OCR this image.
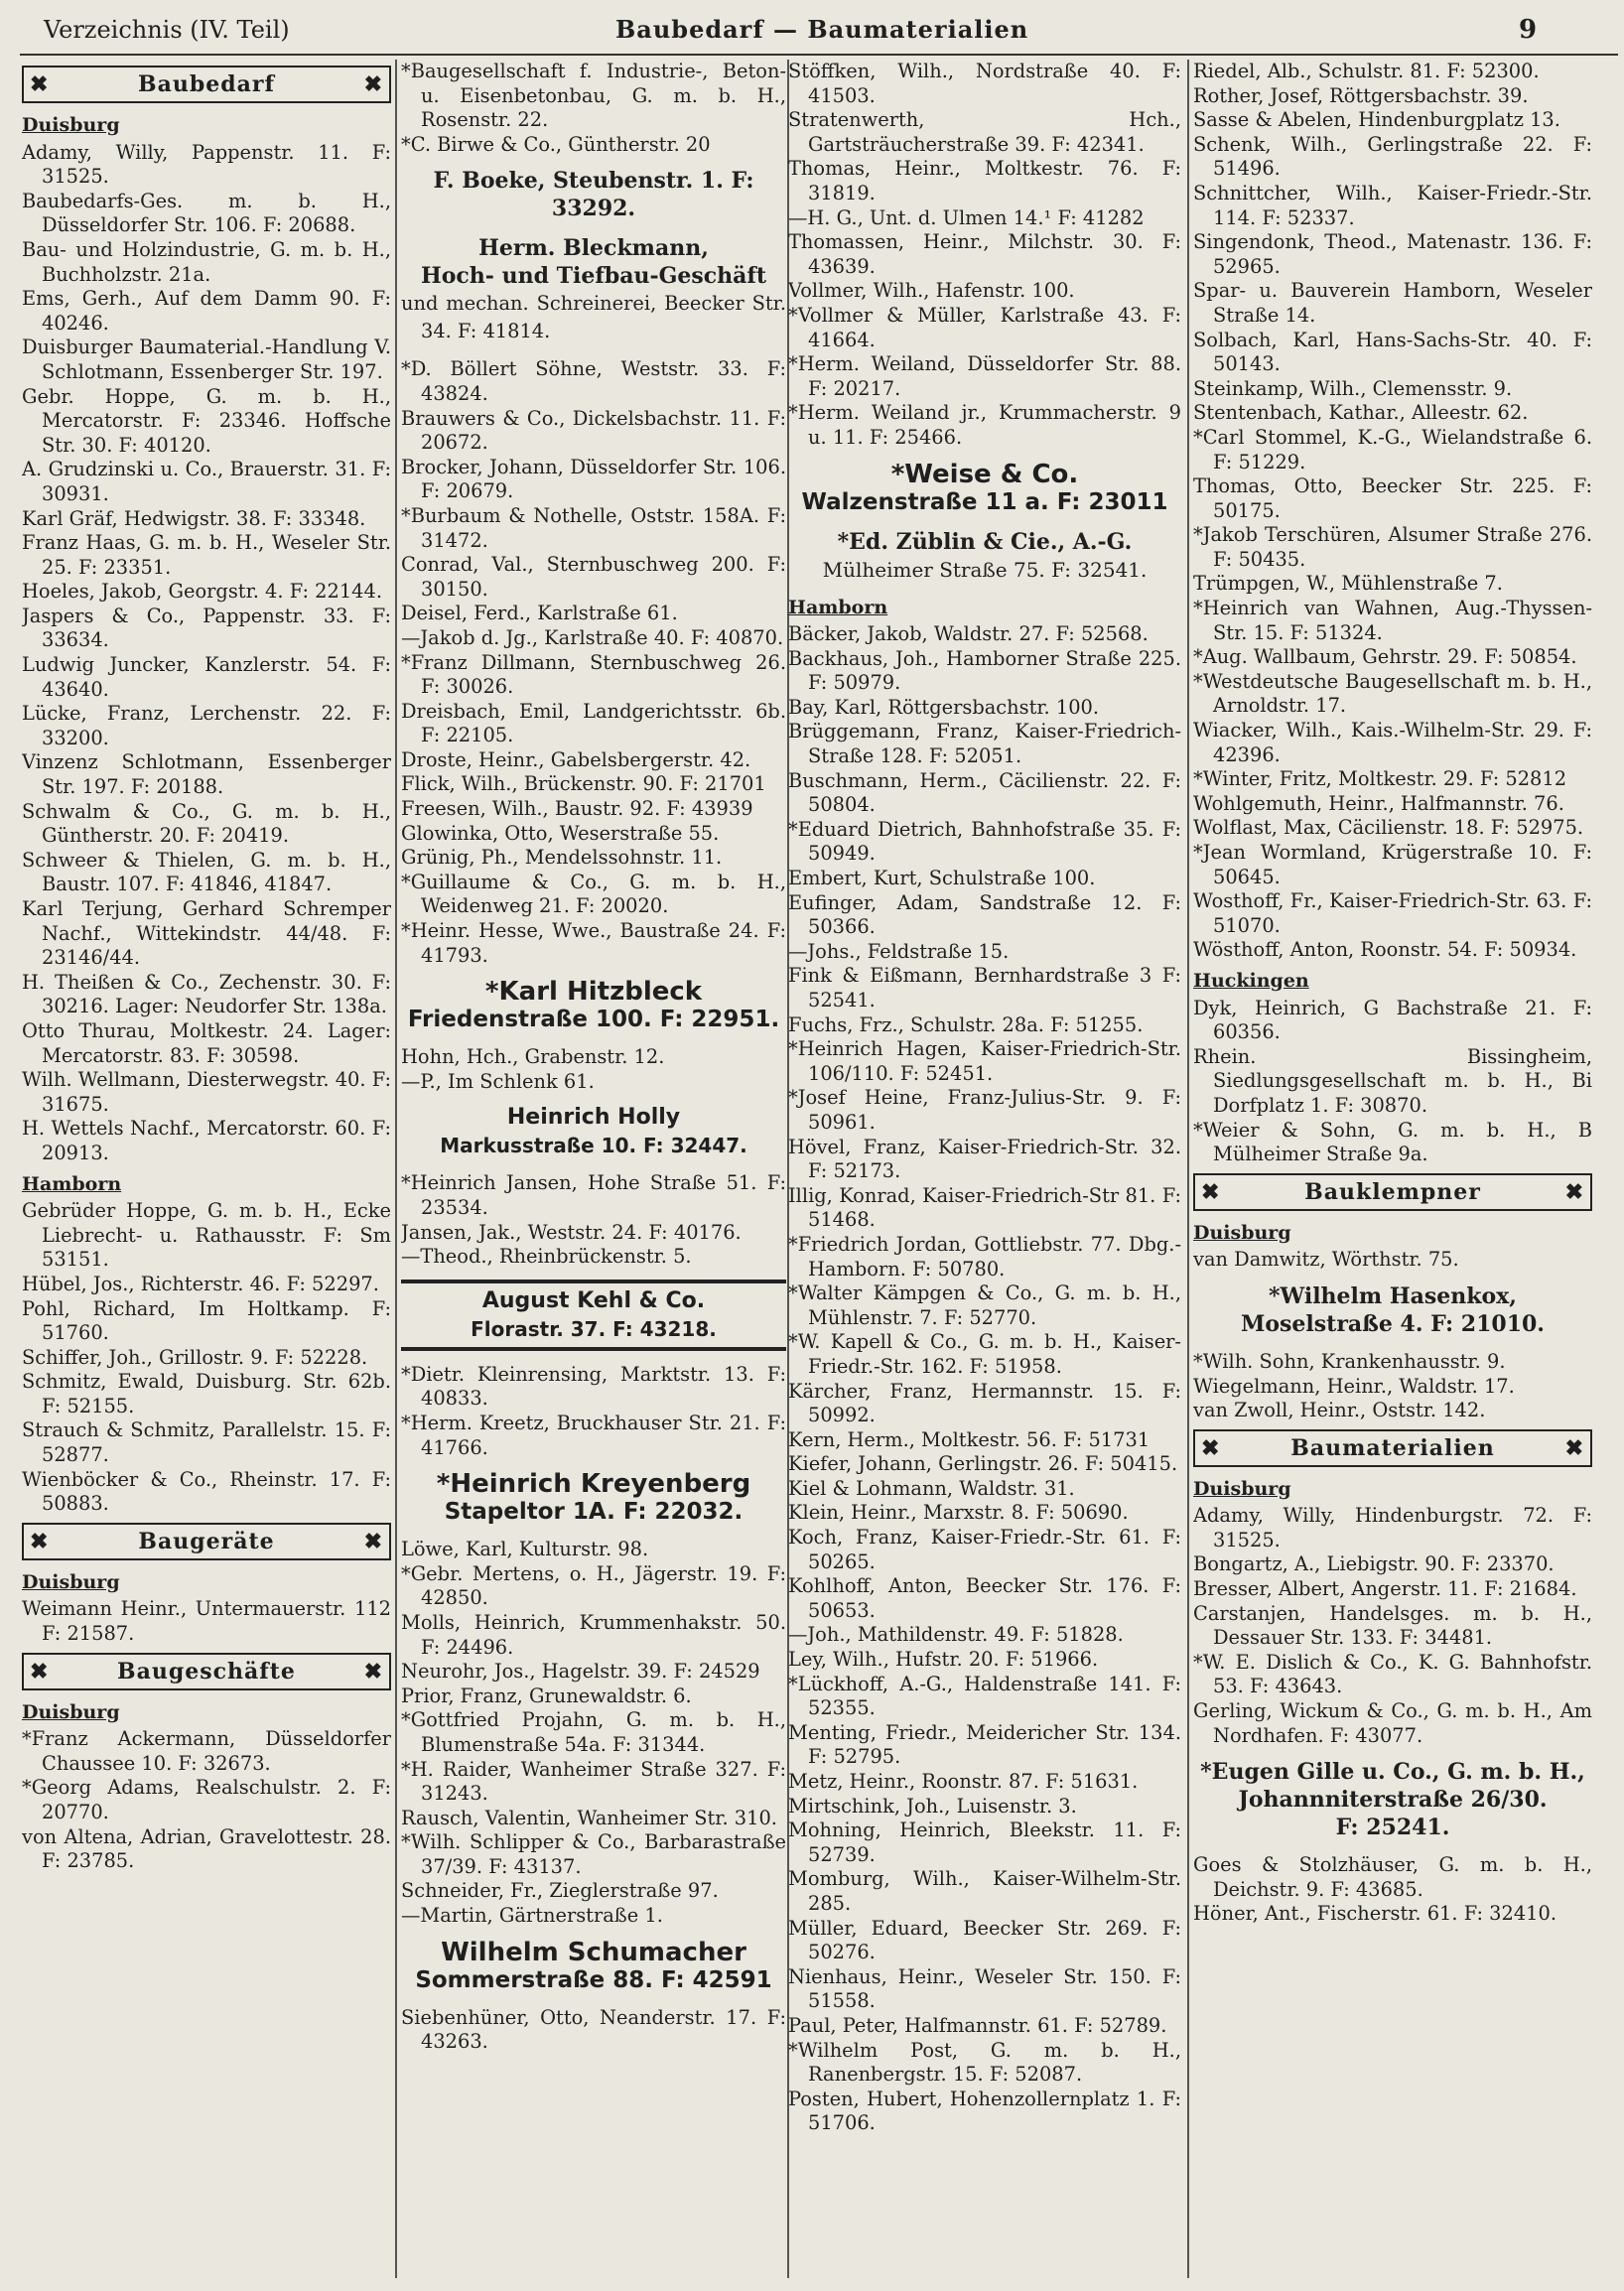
Verzeichnis (IV. Teil)	Baubedarf — Baumaterialien	9
✖	Baubedarf	✖
Duisburg
Adamy, Willy, Pappenstr. 11. F: 31525.
Baubedarfs-Ges. m. b. H., Düsseldorfer Str. 106. F: 20688.
Bau- und Holzindustrie, G. m. b. H., Buchholzstr. 21a.
Ems, Gerh., Auf dem Damm 90. F: 40246.
Duisburger Baumaterial.-Handlung V. Schlotmann, Essenberger Str. 197.
Gebr. Hoppe, G. m. b. H., Mercatorstr. F: 23346. Hoffsche Str. 30. F: 40120.
A. Grudzinski u. Co., Brauerstr. 31. F: 30931.
Karl Gräf, Hedwigstr. 38. F: 33348.
Franz Haas, G. m. b. H., Weseler Str. 25. F: 23351.
Hoeles, Jakob, Georgstr. 4. F: 22144.
Jaspers & Co., Pappenstr. 33. F: 33634.
Ludwig Juncker, Kanzlerstr. 54. F: 43640.
Lücke, Franz, Lerchenstr. 22. F: 33200.
Vinzenz Schlotmann, Essenberger Str. 197. F: 20188.
Schwalm & Co., G. m. b. H., Güntherstr. 20. F: 20419.
Schweer & Thielen, G. m. b. H., Baustr. 107. F: 41846, 41847.
Karl Terjung, Gerhard Schremper Nachf., Wittekindstr. 44/48. F: 23146/44.
H. Theißen & Co., Zechenstr. 30. F: 30216. Lager: Neudorfer Str. 138a.
Otto Thurau, Moltkestr. 24. Lager: Mercatorstr. 83. F: 30598.
Wilh. Wellmann, Diesterwegstr. 40. F: 31675.
H. Wettels Nachf., Mercatorstr. 60. F: 20913.
Hamborn
Gebrüder Hoppe, G. m. b. H., Ecke Liebrecht- u. Rathausstr. F: Sm 53151.
Hübel, Jos., Richterstr. 46. F: 52297.
Pohl, Richard, Im Holtkamp. F: 51760.
Schiffer, Joh., Grillostr. 9. F: 52228.
Schmitz, Ewald, Duisburg. Str. 62b. F: 52155.
Strauch & Schmitz, Parallelstr. 15. F: 52877.
Wienböcker & Co., Rheinstr. 17. F: 50883.
✖	Baugeräte	✖
Duisburg
Weimann Heinr., Untermauerstr. 112 F: 21587.
✖	Baugeschäfte	✖
Duisburg
*Franz Ackermann, Düsseldorfer Chaussee 10. F: 32673.
*Georg Adams, Realschulstr. 2. F: 20770.
von Altena, Adrian, Gravelottestr. 28. F: 23785.
*Baugesellschaft f. Industrie-, Beton- u. Eisenbetonbau, G. m. b. H., Rosenstr. 22.
*C. Birwe & Co., Güntherstr. 20
F. Boeke, Steubenstr. 1. F: 33292.
Herm. Bleckmann,
Hoch- und Tiefbau-Geschäft
und mechan. Schreinerei, Beecker Str. 34. F: 41814.
*D. Böllert Söhne, Weststr. 33. F: 43824.
Brauwers & Co., Dickelsbachstr. 11. F: 20672.
Brocker, Johann, Düsseldorfer Str. 106. F: 20679.
*Burbaum & Nothelle, Oststr. 158A. F: 31472.
Conrad, Val., Sternbuschweg 200. F: 30150.
Deisel, Ferd., Karlstraße 61.
—Jakob d. Jg., Karlstraße 40. F: 40870.
*Franz Dillmann, Sternbuschweg 26. F: 30026.
Dreisbach, Emil, Landgerichtsstr. 6b. F: 22105.
Droste, Heinr., Gabelsbergerstr. 42.
Flick, Wilh., Brückenstr. 90. F: 21701
Freesen, Wilh., Baustr. 92. F: 43939
Glowinka, Otto, Weserstraße 55.
Grünig, Ph., Mendelssohnstr. 11.
*Guillaume & Co., G. m. b. H., Weidenweg 21. F: 20020.
*Heinr. Hesse, Wwe., Baustraße 24. F: 41793.
*Karl Hitzbleck
Friedenstraße 100. F: 22951.
Hohn, Hch., Grabenstr. 12.
—P., Im Schlenk 61.
Heinrich Holly
Markusstraße 10. F: 32447.
*Heinrich Jansen, Hohe Straße 51. F: 23534.
Jansen, Jak., Weststr. 24. F: 40176.
—Theod., Rheinbrückenstr. 5.
August Kehl & Co.
Florastr. 37. F: 43218.
*Dietr. Kleinrensing, Marktstr. 13. F: 40833.
*Herm. Kreetz, Bruckhauser Str. 21. F: 41766.
*Heinrich Kreyenberg
Stapeltor 1A. F: 22032.
Löwe, Karl, Kulturstr. 98.
*Gebr. Mertens, o. H., Jägerstr. 19. F: 42850.
Molls, Heinrich, Krummenhakstr. 50. F: 24496.
Neurohr, Jos., Hagelstr. 39. F: 24529
Prior, Franz, Grunewaldstr. 6.
*Gottfried Projahn, G. m. b. H., Blumenstraße 54a. F: 31344.
*H. Raider, Wanheimer Straße 327. F: 31243.
Rausch, Valentin, Wanheimer Str. 310.
*Wilh. Schlipper & Co., Barbarastraße 37/39. F: 43137.
Schneider, Fr., Zieglerstraße 97.
—Martin, Gärtnerstraße 1.
Wilhelm Schumacher
Sommerstraße 88. F: 42591
Siebenhüner, Otto, Neanderstr. 17. F: 43263.
Stöffken, Wilh., Nordstraße 40. F: 41503.
Stratenwerth, Hch., Gartsträucherstraße 39. F: 42341.
Thomas, Heinr., Moltkestr. 76. F: 31819.
—H. G., Unt. d. Ulmen 14.¹ F: 41282
Thomassen, Heinr., Milchstr. 30. F: 43639.
Vollmer, Wilh., Hafenstr. 100.
*Vollmer & Müller, Karlstraße 43. F: 41664.
*Herm. Weiland, Düsseldorfer Str. 88. F: 20217.
*Herm. Weiland jr., Krummacherstr. 9 u. 11. F: 25466.
*Weise & Co.
Walzenstraße 11 a. F: 23011
*Ed. Züblin & Cie., A.-G.
Mülheimer Straße 75. F: 32541.
Hamborn
Bäcker, Jakob, Waldstr. 27. F: 52568.
Backhaus, Joh., Hamborner Straße 225. F: 50979.
Bay, Karl, Röttgersbachstr. 100.
Brüggemann, Franz, Kaiser-Friedrich-Straße 128. F: 52051.
Buschmann, Herm., Cäcilienstr. 22. F: 50804.
*Eduard Dietrich, Bahnhofstraße 35. F: 50949.
Embert, Kurt, Schulstraße 100.
Eufinger, Adam, Sandstraße 12. F: 50366.
—Johs., Feldstraße 15.
Fink & Eißmann, Bernhardstraße 3 F: 52541.
Fuchs, Frz., Schulstr. 28a. F: 51255.
*Heinrich Hagen, Kaiser-Friedrich-Str. 106/110. F: 52451.
*Josef Heine, Franz-Julius-Str. 9. F: 50961.
Hövel, Franz, Kaiser-Friedrich-Str. 32. F: 52173.
Illig, Konrad, Kaiser-Friedrich-Str 81. F: 51468.
*Friedrich Jordan, Gottliebstr. 77. Dbg.-Hamborn. F: 50780.
*Walter Kämpgen & Co., G. m. b. H., Mühlenstr. 7. F: 52770.
*W. Kapell & Co., G. m. b. H., Kaiser-Friedr.-Str. 162. F: 51958.
Kärcher, Franz, Hermannstr. 15. F: 50992.
Kern, Herm., Moltkestr. 56. F: 51731
Kiefer, Johann, Gerlingstr. 26. F: 50415.
Kiel & Lohmann, Waldstr. 31.
Klein, Heinr., Marxstr. 8. F: 50690.
Koch, Franz, Kaiser-Friedr.-Str. 61. F: 50265.
Kohlhoff, Anton, Beecker Str. 176. F: 50653.
—Joh., Mathildenstr. 49. F: 51828.
Ley, Wilh., Hufstr. 20. F: 51966.
*Lückhoff, A.-G., Haldenstraße 141. F: 52355.
Menting, Friedr., Meidericher Str. 134. F: 52795.
Metz, Heinr., Roonstr. 87. F: 51631.
Mirtschink, Joh., Luisenstr. 3.
Mohning, Heinrich, Bleekstr. 11. F: 52739.
Momburg, Wilh., Kaiser-Wilhelm-Str. 285.
Müller, Eduard, Beecker Str. 269. F: 50276.
Nienhaus, Heinr., Weseler Str. 150. F: 51558.
Paul, Peter, Halfmannstr. 61. F: 52789.
*Wilhelm Post, G. m. b. H., Ranenbergstr. 15. F: 52087.
Posten, Hubert, Hohenzollernplatz 1. F: 51706.
Riedel, Alb., Schulstr. 81. F: 52300.
Rother, Josef, Röttgersbachstr. 39.
Sasse & Abelen, Hindenburgplatz 13.
Schenk, Wilh., Gerlingstraße 22. F: 51496.
Schnittcher, Wilh., Kaiser-Friedr.-Str. 114. F: 52337.
Singendonk, Theod., Matenastr. 136. F: 52965.
Spar- u. Bauverein Hamborn, Weseler Straße 14.
Solbach, Karl, Hans-Sachs-Str. 40. F: 50143.
Steinkamp, Wilh., Clemensstr. 9.
Stentenbach, Kathar., Alleestr. 62.
*Carl Stommel, K.-G., Wielandstraße 6. F: 51229.
Thomas, Otto, Beecker Str. 225. F: 50175.
*Jakob Terschüren, Alsumer Straße 276. F: 50435.
Trümpgen, W., Mühlenstraße 7.
*Heinrich van Wahnen, Aug.-Thyssen-Str. 15. F: 51324.
*Aug. Wallbaum, Gehrstr. 29. F: 50854.
*Westdeutsche Baugesellschaft m. b. H., Arnoldstr. 17.
Wiacker, Wilh., Kais.-Wilhelm-Str. 29. F: 42396.
*Winter, Fritz, Moltkestr. 29. F: 52812
Wohlgemuth, Heinr., Halfmannstr. 76.
Wolflast, Max, Cäcilienstr. 18. F: 52975.
*Jean Wormland, Krügerstraße 10. F: 50645.
Wosthoff, Fr., Kaiser-Friedrich-Str. 63. F: 51070.
Wösthoff, Anton, Roonstr. 54. F: 50934.
Huckingen
Dyk, Heinrich, G Bachstraße 21. F: 60356.
Rhein. Bissingheim, Siedlungsgesellschaft m. b. H., Bi Dorfplatz 1. F: 30870.
*Weier & Sohn, G. m. b. H., B Mülheimer Straße 9a.
✖	Bauklempner	✖
Duisburg
van Damwitz, Wörthstr. 75.
*Wilhelm Hasenkox,
Moselstraße 4. F: 21010.
*Wilh. Sohn, Krankenhausstr. 9.
Wiegelmann, Heinr., Waldstr. 17.
van Zwoll, Heinr., Oststr. 142.
✖	Baumaterialien	✖
Duisburg
Adamy, Willy, Hindenburgstr. 72. F: 31525.
Bongartz, A., Liebigstr. 90. F: 23370.
Bresser, Albert, Angerstr. 11. F: 21684.
Carstanjen, Handelsges. m. b. H., Dessauer Str. 133. F: 34481.
*W. E. Dislich & Co., K. G. Bahnhofstr. 53. F: 43643.
Gerling, Wickum & Co., G. m. b. H., Am Nordhafen. F: 43077.
*Eugen Gille u. Co., G. m. b. H.,
Johannniterstraße 26/30.
F: 25241.
Goes & Stolzhäuser, G. m. b. H., Deichstr. 9. F: 43685.
Höner, Ant., Fischerstr. 61. F: 32410.
